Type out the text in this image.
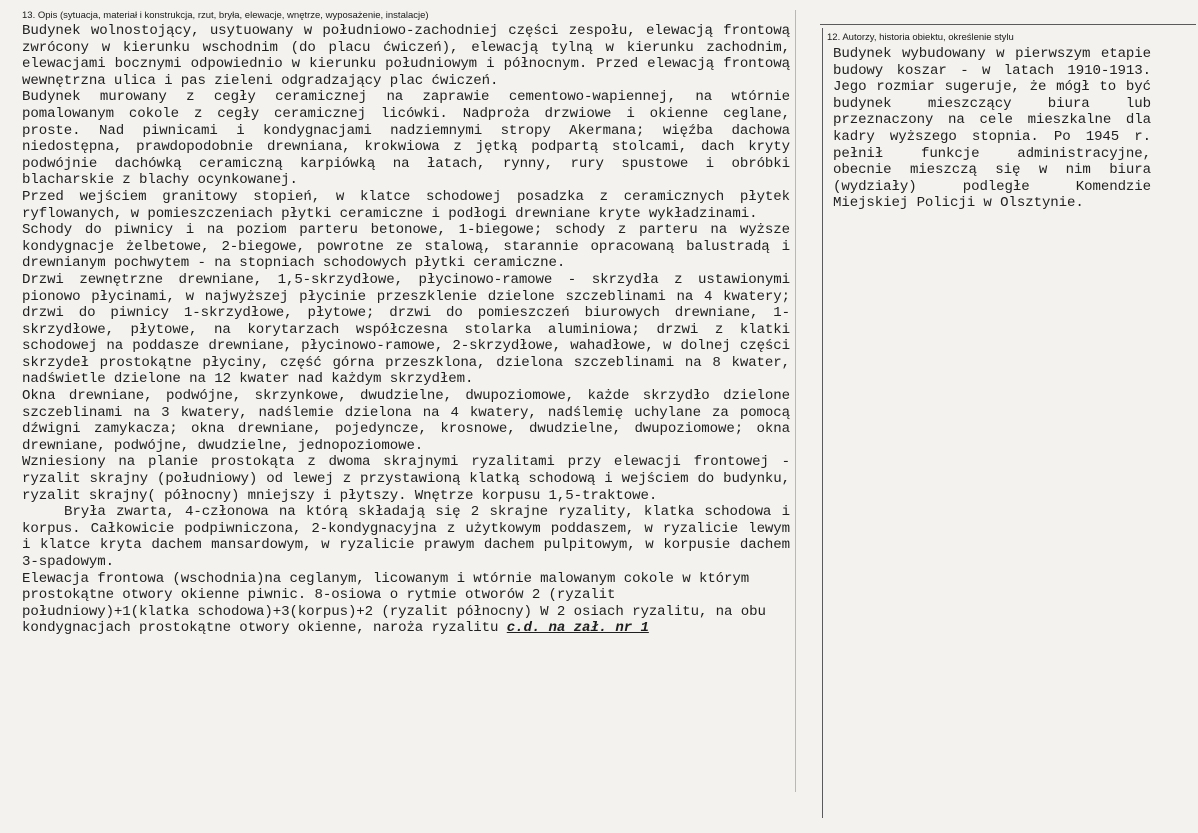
13. Opis (sytuacja, materiał i konstrukcja, rzut, bryła, elewacje, wnętrze, wyposażenie, instalacje)

Budynek wolnostojący, usytuowany w południowo-zachodniej części zespołu, elewacją frontową zwrócony w kierunku wschodnim (do placu ćwiczeń), elewacją tylną w kierunku zachodnim, elewacjami bocznymi odpowiednio w kierunku południowym i północnym. Przed elewacją frontową wewnętrzna ulica i pas zieleni odgradzający plac ćwiczeń.

Budynek murowany z cegły ceramicznej na zaprawie cementowo-wapiennej, na wtórnie pomalowanym cokole z cegły ceramicznej licówki. Nadproża drzwiowe i okienne ceglane, proste. Nad piwnicami i kondygnacjami nadziemnymi stropy Akermana; więźba dachowa niedostępna, prawdopodobnie drewniana, krokwiowa z jętką podpartą stolcami, dach kryty podwójnie dachówką ceramiczną karpiówką na łatach, rynny, rury spustowe i obróbki blacharskie z blachy ocynkowanej.

Przed wejściem granitowy stopień, w klatce schodowej posadzka z ceramicznych płytek ryflowanych, w pomieszczeniach płytki ceramiczne i podłogi drewniane kryte wykładzinami.

Schody do piwnicy i na poziom parteru betonowe, 1-biegowe; schody z parteru na wyższe kondygnacje żelbetowe, 2-biegowe, powrotne ze stalową, starannie opracowaną balustradą i drewnianym pochwytem - na stopniach schodowych płytki ceramiczne.

Drzwi zewnętrzne drewniane, 1,5-skrzydłowe, płycinowo-ramowe - skrzydła z ustawionymi pionowo płycinami, w najwyższej płycinie przeszklenie dzielone szczeblinami na 4 kwatery; drzwi do piwnicy 1-skrzydłowe, płytowe; drzwi do pomieszczeń biurowych drewniane, 1-skrzydłowe, płytowe, na korytarzach współczesna stolarka aluminiowa; drzwi z klatki schodowej na poddasze drewniane, płycinowo-ramowe, 2-skrzydłowe, wahadłowe, w dolnej części skrzydeł prostokątne płyciny, część górna przeszklona, dzielona szczeblinami na 8 kwater, nadświetle dzielone na 12 kwater nad każdym skrzydłem.

Okna drewniane, podwójne, skrzynkowe, dwudzielne, dwupoziomowe, każde skrzydło dzielone szczeblinami na 3 kwatery, nadślemie dzielona na 4 kwatery, nadślemię uchylane za pomocą dźwigni zamykacza; okna drewniane, pojedyncze, krosnowe, dwudzielne, dwupoziomowe; okna drewniane, podwójne, dwudzielne, jednopoziomowe.

Wzniesiony na planie prostokąta z dwoma skrajnymi ryzalitami przy elewacji frontowej - ryzalit skrajny (południowy) od lewej z przystawioną klatką schodową i wejściem do budynku, ryzalit skrajny( północny) mniejszy i płytszy. Wnętrze korpusu 1,5-traktowe.

Bryła zwarta, 4-członowa na którą składają się 2 skrajne ryzality, klatka schodowa i korpus. Całkowicie podpiwniczona, 2-kondygnacyjna z użytkowym poddaszem, w ryzalicie lewym i klatce kryta dachem mansardowym, w ryzalicie prawym dachem pulpitowym, w korpusie dachem 3-spadowym.

Elewacja frontowa (wschodnia)na ceglanym, licowanym i wtórnie malowanym cokole w którym prostokątne otwory okienne piwnic. 8-osiowa o rytmie otworów 2 (ryzalit południowy)+1(klatka schodowa)+3(korpus)+2 (ryzalit północny) W 2 osiach ryzalitu, na obu kondygnacjach prostokątne otwory okienne, naroża ryzalitu c.d. na zał. nr 1

12. Autorzy, historia obiektu, określenie stylu

Budynek wybudowany w pierwszym etapie budowy koszar - w latach 1910-1913. Jego rozmiar sugeruje, że mógł to być budynek mieszczący biura lub przeznaczony na cele mieszkalne dla kadry wyższego stopnia. Po 1945 r. pełnił funkcje administracyjne, obecnie mieszczą się w nim biura (wydziały) podległe Komendzie Miejskiej Policji w Olsztynie.
